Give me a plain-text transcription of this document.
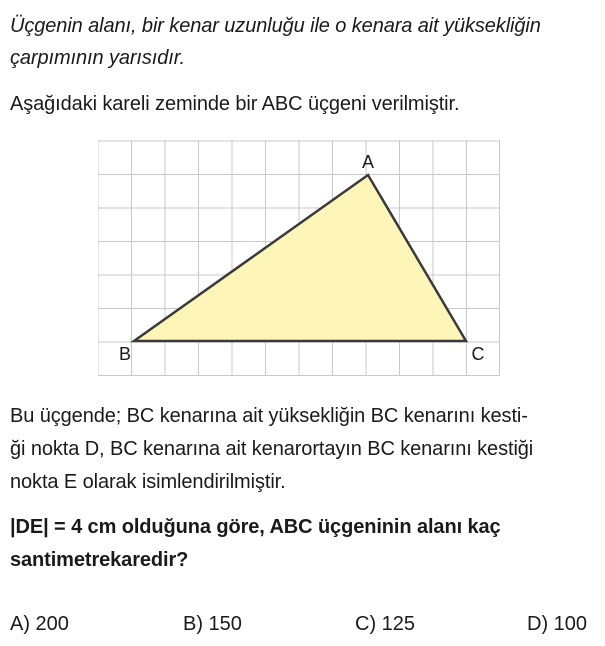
Üçgenin alanı, bir kenar uzunluğu ile o kenara ait yüksekliğin
çarpımının yarısıdır.
Aşağıdaki kareli zeminde bir ABC üçgeni verilmiştir.
A
B	C
Bu üçgende; BC kenarına ait yüksekliğin BC kenarını kesti-
ği nokta D, BC kenarına ait kenarortayın BC kenarını kestiği
nokta E olarak isimlendirilmiştir.
|DE| = 4 cm olduğuna göre, ABC üçgeninin alanı kaç
santimetrekaredir?
A) 200	B) 150	C) 125	D) 100
